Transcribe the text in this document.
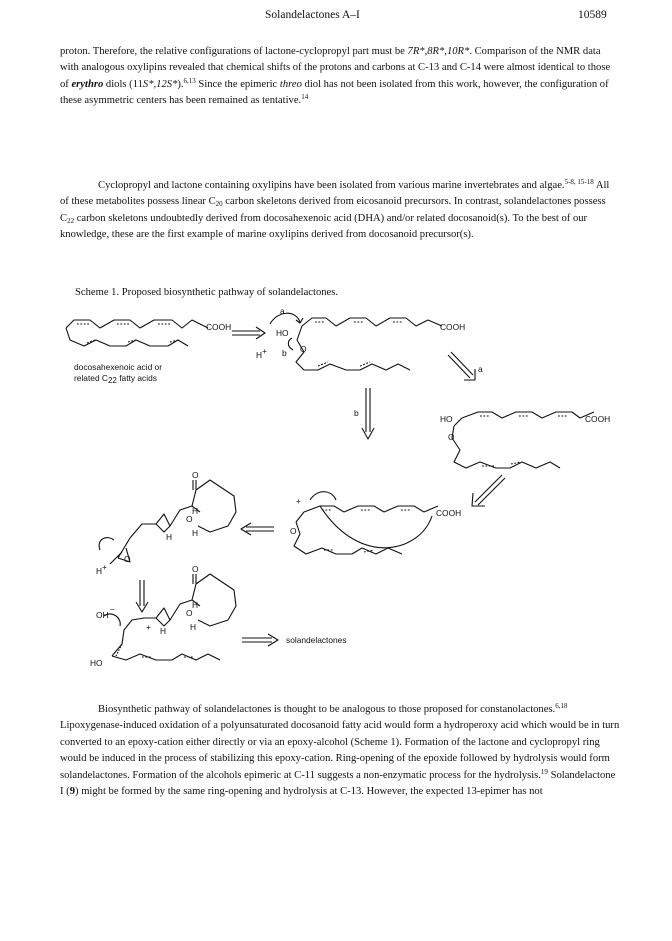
Solandelactones A–I	10589

proton. Therefore, the relative configurations of lactone-cyclopropyl part must be 7R*,8R*,10R*. Comparison of the NMR data with analogous oxylipins revealed that chemical shifts of the protons and carbons at C-13 and C-14 were almost identical to those of erythro diols (11S*,12S*).$^{6,13}$ Since the epimeric threo diol has not been isolated from this work, however, the configuration of these asymmetric centers has been remained as tentative.$^{14}$

Cyclopropyl and lactone containing oxylipins have been isolated from various marine invertebrates and algae.$^{5-8, 15-18}$ All of these metabolites possess linear $C_{20}$ carbon skeletons derived from eicosanoid precursors. In contrast, solandelactones possess $C_{22}$ carbon skeletons undoubtedly derived from docosahexenoic acid (DHA) and/or related docosanoid(s). To the best of our knowledge, these are the first example of marine oxylipins derived from docosanoid precursor(s).

Scheme 1. Proposed biosynthetic pathway of solandelactones.
COOH	COOH
COOH
COOH
docosahexenoic acid or
related C22 fatty acids
a
a
b
b
HO
O
H+
HO
O
+
O
O
H
H H
O
O
H+	O
OH
−	H
H	H
O
+
HO
solandelactones

Biosynthetic pathway of solandelactones is thought to be analogous to those proposed for constanolactones.$^{6,18}$ Lipoxygenase-induced oxidation of a polyunsaturated docosanoid fatty acid would form a hydroperoxy acid which would be in turn converted to an epoxy-cation either directly or via an epoxy-alcohol (Scheme 1). Formation of the lactone and cyclopropyl ring would be induced in the process of stabilizing this epoxy-cation. Ring-opening of the epoxide followed by hydrolysis would form solandelactones. Formation of the alcohols epimeric at C-11 suggests a non-enzymatic process for the hydrolysis.$^{19}$ Solandelactone I (9) might be formed by the same ring-opening and hydrolysis at C-13. However, the expected 13-epimer has not
